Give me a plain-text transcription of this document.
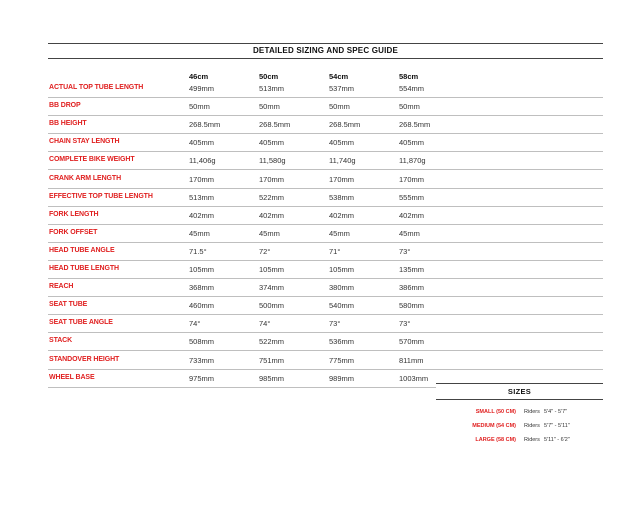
DETAILED SIZING AND SPEC GUIDE
46cm	50cm	54cm	58cm
ACTUAL TOP TUBE LENGTH	499mm	513mm	537mm	554mm
BB DROP	50mm	50mm	50mm	50mm
BB HEIGHT	268.5mm	268.5mm	268.5mm	268.5mm
CHAIN STAY LENGTH	405mm	405mm	405mm	405mm
COMPLETE BIKE WEIGHT	11,406g	11,580g	11,740g	11,870g
CRANK ARM LENGTH	170mm	170mm	170mm	170mm
EFFECTIVE TOP TUBE LENGTH	513mm	522mm	538mm	555mm
FORK LENGTH	402mm	402mm	402mm	402mm
FORK OFFSET	45mm	45mm	45mm	45mm
HEAD TUBE ANGLE	71.5°	72°	71°	73°
HEAD TUBE LENGTH	105mm	105mm	105mm	135mm
REACH	368mm	374mm	380mm	386mm
SEAT TUBE	460mm	500mm	540mm	580mm
SEAT TUBE ANGLE	74°	74°	73°	73°
STACK	508mm	522mm	536mm	570mm
STANDOVER HEIGHT	733mm	751mm	775mm	811mm
WHEEL BASE	975mm	985mm	989mm	1003mm
SIZES
SMALL (50 CM) Riders 5'4" - 5'7"
MEDIUM (54 CM) Riders 5'7" - 5'11"
LARGE (58 CM) Riders 5'11" - 6'2"
